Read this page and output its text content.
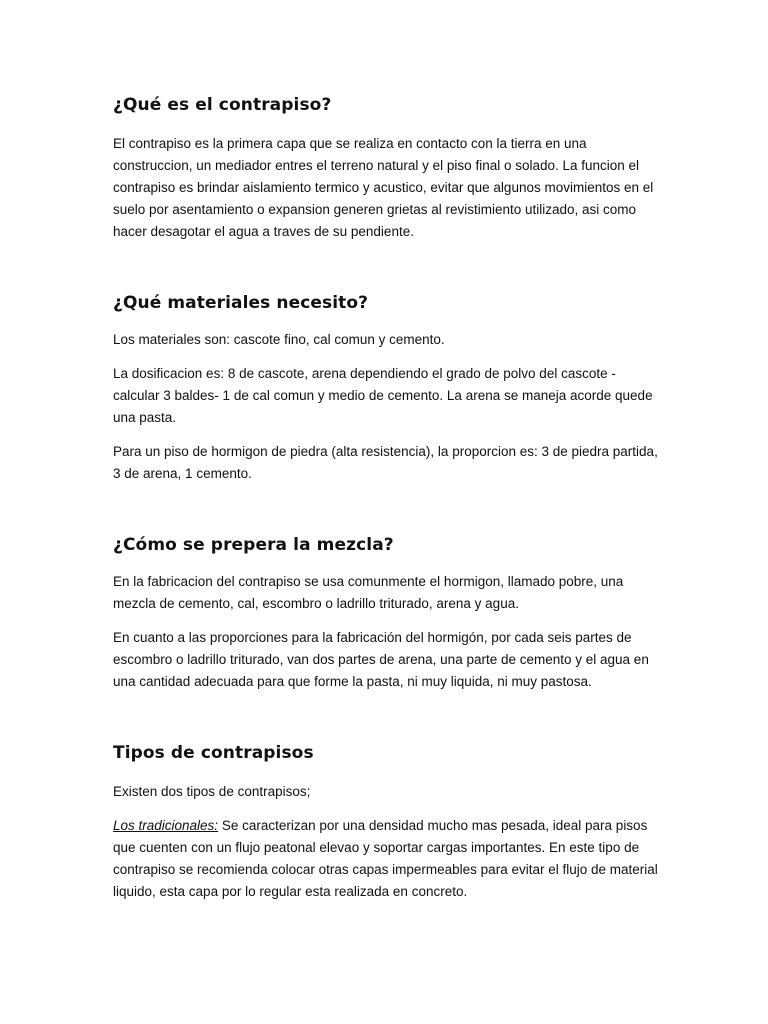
¿Qué es el contrapiso?

El contrapiso es la primera capa que se realiza en contacto con la tierra en una construccion, un mediador entres el terreno natural y el piso final o solado. La funcion el contrapiso es brindar aislamiento termico y acustico, evitar que algunos movimientos en el suelo por asentamiento o expansion generen grietas al revistimiento utilizado, asi como hacer desagotar el agua a traves de su pendiente.

¿Qué materiales necesito?

Los materiales son: cascote fino, cal comun y cemento.

La dosificacion es: 8 de cascote, arena dependiendo el grado de polvo del cascote -calcular 3 baldes- 1 de cal comun y medio de cemento. La arena se maneja acorde quede una pasta.

Para un piso de hormigon de piedra (alta resistencia), la proporcion es: 3 de piedra partida, 3 de arena, 1 cemento.

¿Cómo se prepera la mezcla?

En la fabricacion del contrapiso se usa comunmente el hormigon, llamado pobre, una mezcla de cemento, cal, escombro o ladrillo triturado, arena y agua.

En cuanto a las proporciones para la fabricación del hormigón, por cada seis partes de escombro o ladrillo triturado, van dos partes de arena, una parte de cemento y el agua en una cantidad adecuada para que forme la pasta, ni muy liquida, ni muy pastosa.

Tipos de contrapisos

Existen dos tipos de contrapisos;

Los tradicionales: Se caracterizan por una densidad mucho mas pesada, ideal para pisos que cuenten con un flujo peatonal elevao y soportar cargas importantes. En este tipo de contrapiso se recomienda colocar otras capas impermeables para evitar el flujo de material liquido, esta capa por lo regular esta realizada en concreto.
